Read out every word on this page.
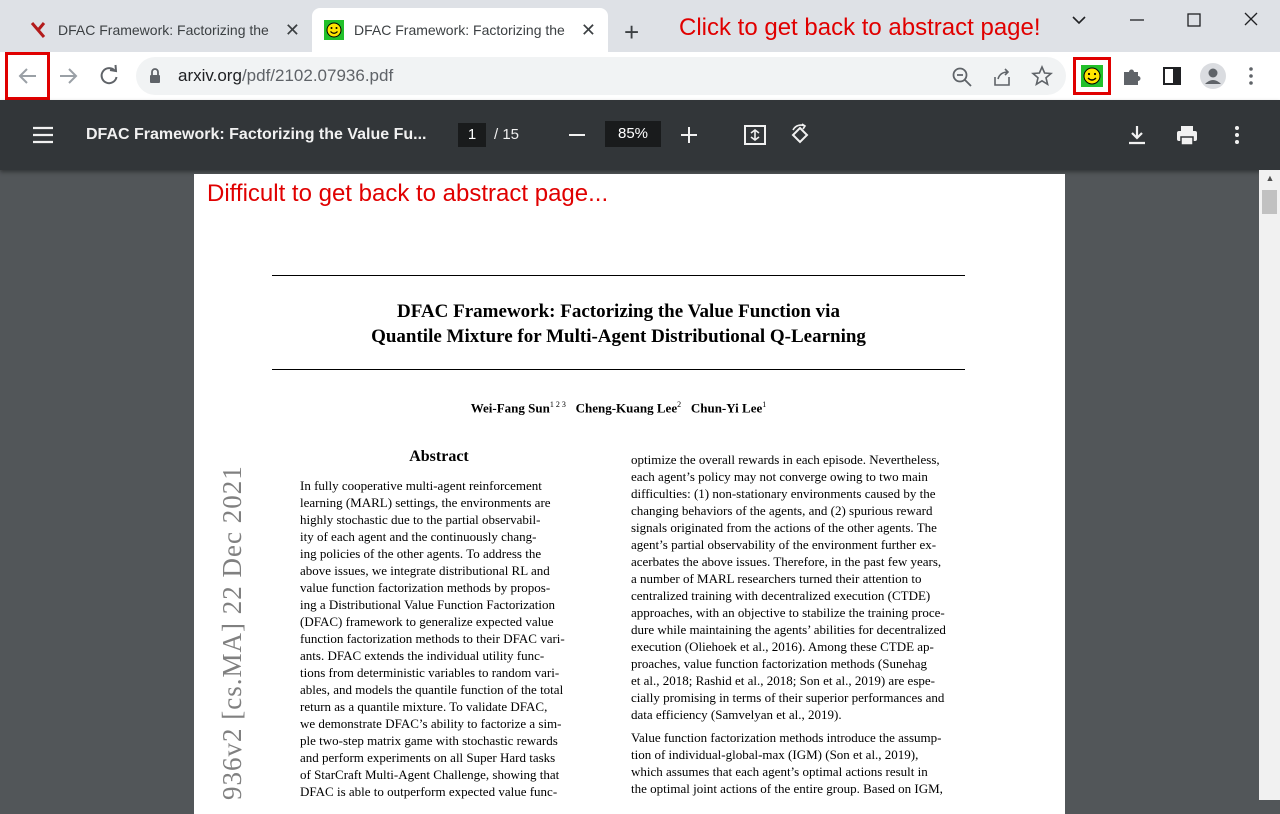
DFAC Framework: Factorizing the ✕	DFAC Framework: Factorizing the ✕ + Click to get back to abstract page!
arxiv.org/pdf/2102.07936.pdf
DFAC Framework: Factorizing the Value Fu...	1	/ 15	85%
Difficult to get back to abstract page...
DFAC Framework: Factorizing the Value Function via
Quantile Mixture for Multi-Agent Distributional Q-Learning
Wei-Fang Sun$^{1 2 3}$ Cheng-Kuang Lee$^2$ Chun-Yi Lee$^1$
Abstract
936v2 [cs.MA] 22 Dec 2021	In fully cooperative multi-agent reinforcement
learning (MARL) settings, the environments are
highly stochastic due to the partial observabil-
ity of each agent and the continuously chang-
ing policies of the other agents. To address the
above issues, we integrate distributional RL and
value function factorization methods by propos-
ing a Distributional Value Function Factorization
(DFAC) framework to generalize expected value
function factorization methods to their DFAC vari-
ants. DFAC extends the individual utility func-
tions from deterministic variables to random vari-
ables, and models the quantile function of the total
return as a quantile mixture. To validate DFAC,
we demonstrate DFAC’s ability to factorize a sim-
ple two-step matrix game with stochastic rewards
and perform experiments on all Super Hard tasks
of StarCraft Multi-Agent Challenge, showing that
DFAC is able to outperform expected value func-
optimize the overall rewards in each episode. Nevertheless,
each agent’s policy may not converge owing to two main
difficulties: (1) non-stationary environments caused by the
changing behaviors of the agents, and (2) spurious reward
signals originated from the actions of the other agents. The
agent’s partial observability of the environment further ex-
acerbates the above issues. Therefore, in the past few years,
a number of MARL researchers turned their attention to
centralized training with decentralized execution (CTDE)
approaches, with an objective to stabilize the training proce-
dure while maintaining the agents’ abilities for decentralized
execution (Oliehoek et al., 2016). Among these CTDE ap-
proaches, value function factorization methods (Sunehag
et al., 2018; Rashid et al., 2018; Son et al., 2019) are espe-
cially promising in terms of their superior performances and
data efficiency (Samvelyan et al., 2019).
Value function factorization methods introduce the assump-
tion of individual-global-max (IGM) (Son et al., 2019),
which assumes that each agent’s optimal actions result in
the optimal joint actions of the entire group. Based on IGM,
▲
